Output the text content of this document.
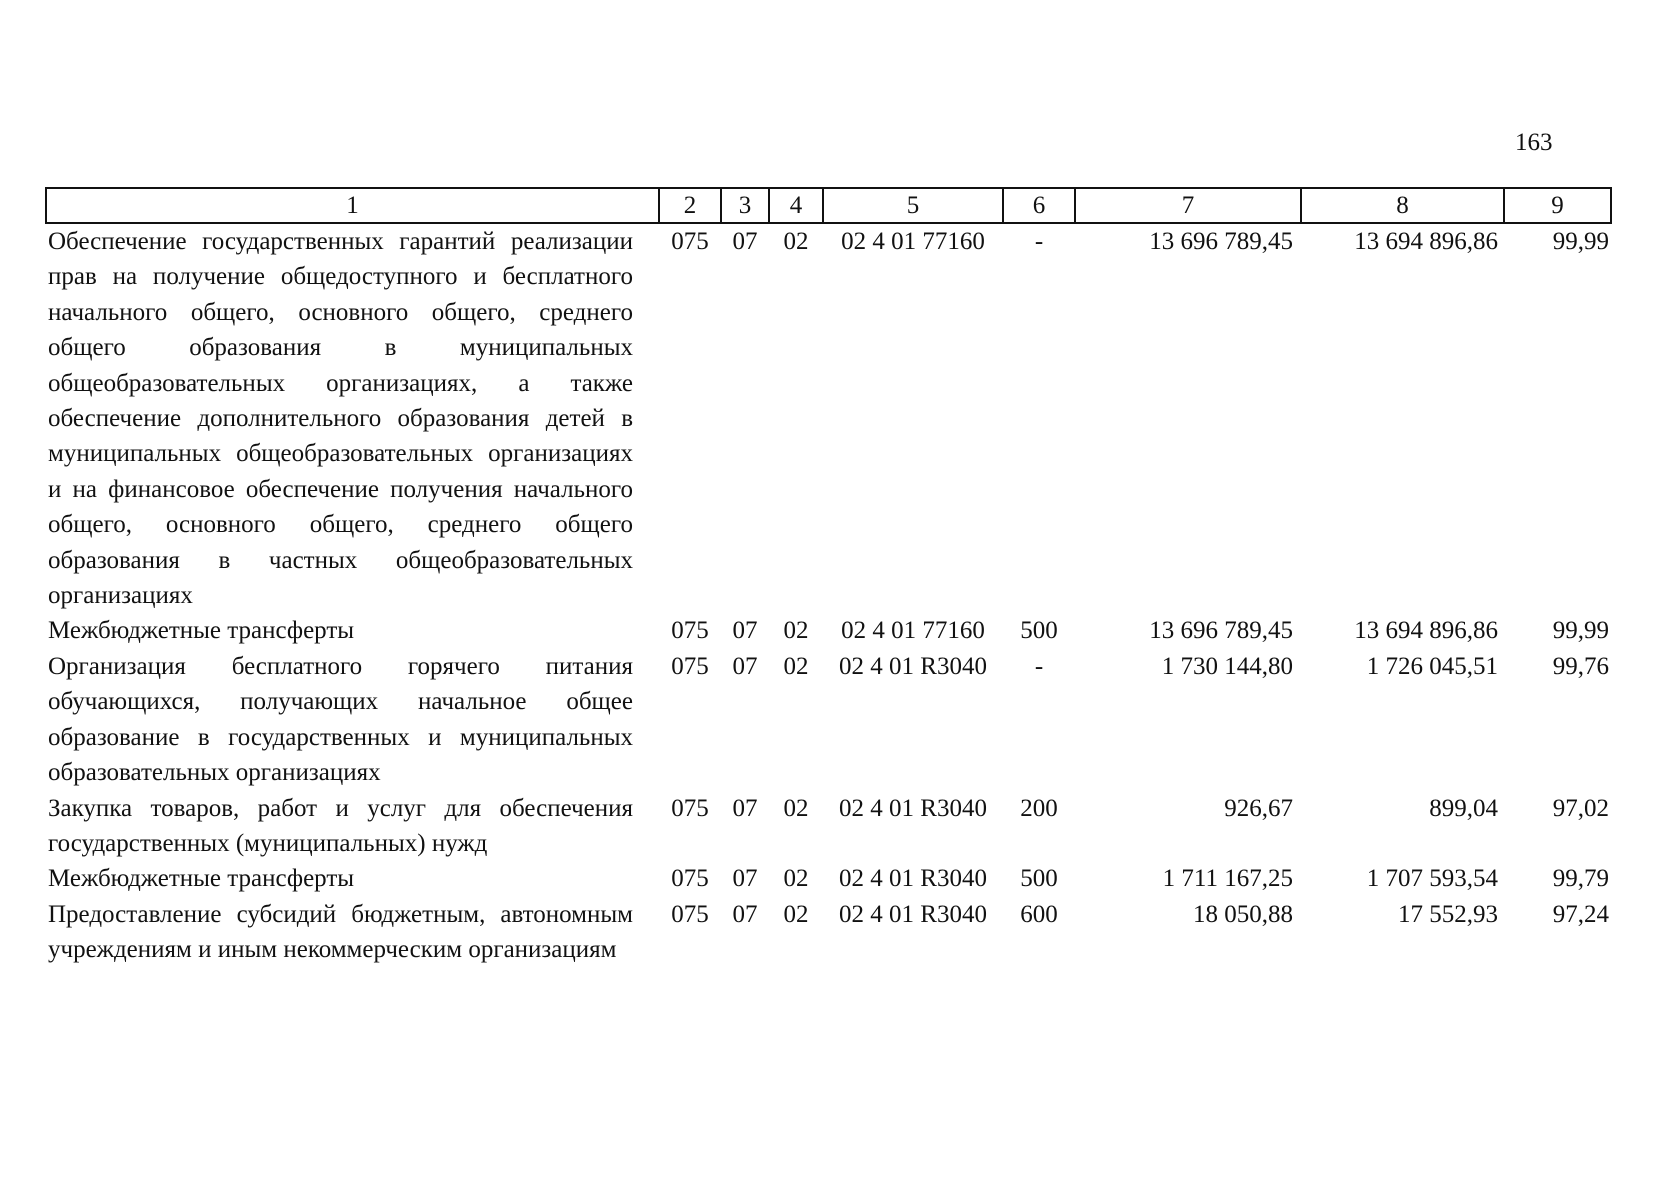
163
1	2	3	4	5	6	7	8	9
Обеспечение государственных гарантий реализации прав на получение общедоступного и бесплатного начального общего, основного общего, среднего общего образования в муниципальных общеобразовательных организациях, а также обеспечение дополнительного образования детей в муниципальных общеобразовательных организациях и на финансовое обеспечение получения начального общего, основного общего, среднего общего образования в частных общеобразовательных организациях	075	07	02	02 4 01 77160	-	13 696 789,45	13 694 896,86	99,99
Межбюджетные трансферты	075	07	02	02 4 01 77160	500	13 696 789,45	13 694 896,86	99,99
Организация бесплатного горячего питания обучающихся, получающих начальное общее образование в государственных и муниципальных образовательных организациях	075	07	02	02 4 01 R3040	-	1 730 144,80	1 726 045,51	99,76
Закупка товаров, работ и услуг для обеспечения государственных (муниципальных) нужд	075	07	02	02 4 01 R3040	200	926,67	899,04	97,02
Межбюджетные трансферты	075	07	02	02 4 01 R3040	500	1 711 167,25	1 707 593,54	99,79
Предоставление субсидий бюджетным, автономным учреждениям и иным некоммерческим организациям	075	07	02	02 4 01 R3040	600	18 050,88	17 552,93	97,24
